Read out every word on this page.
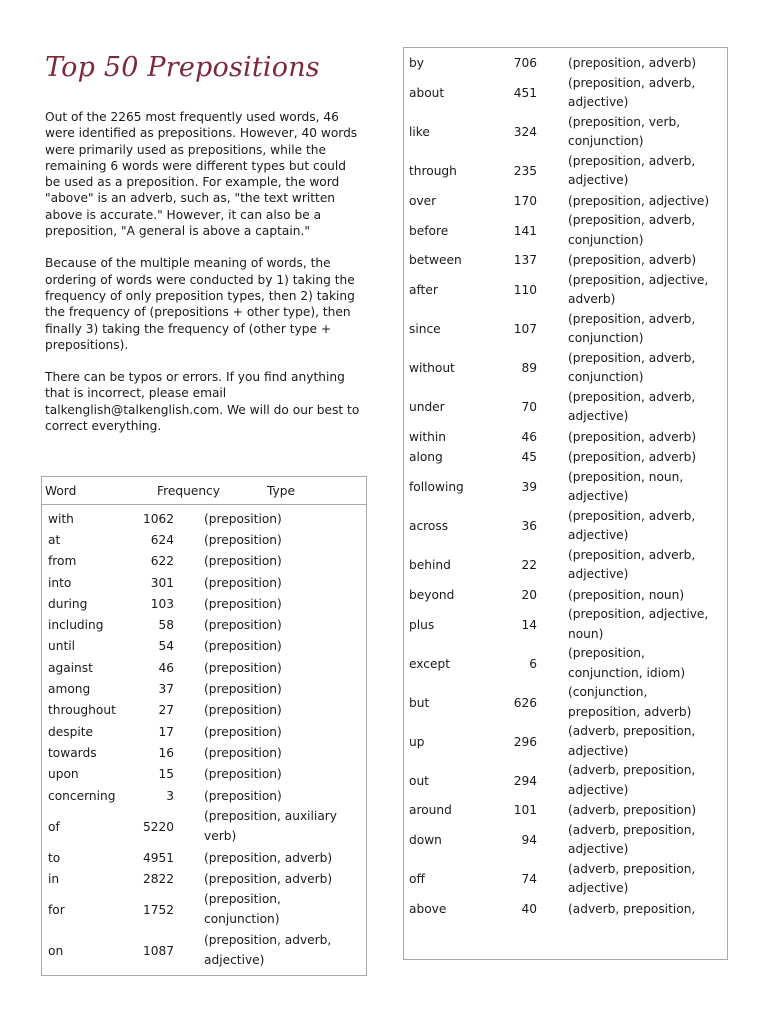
Top 50 Prepositions

Out of the 2265 most frequently used words, 46 were identified as prepositions. However, 40 words were primarily used as prepositions, while the remaining 6 words were different types but could be used as a preposition. For example, the word "above" is an adverb, such as, "the text written above is accurate." However, it can also be a preposition, "A general is above a captain."

Because of the multiple meaning of words, the ordering of words were conducted by 1) taking the frequency of only preposition types, then 2) taking the frequency of (prepositions + other type), then finally 3) taking the frequency of (other type + prepositions).

There can be typos or errors. If you find anything that is incorrect, please email talkenglish@talkenglish.com. We will do our best to correct everything.

Word	Frequency	Type
with	1062	(preposition)
at	624	(preposition)
from	622	(preposition)
into	301	(preposition)
during	103	(preposition)
including	58	(preposition)
until	54	(preposition)
against	46	(preposition)
among	37	(preposition)
throughout	27	(preposition)
despite	17	(preposition)
towards	16	(preposition)
upon	15	(preposition)
concerning	3	(preposition)
of	5220
(preposition, auxiliary verb)
to	4951	(preposition, adverb)
in	2822	(preposition, adverb)
for	1752
(preposition, conjunction)
on	1087
(preposition, adverb, adjective)
by	706	(preposition, adverb)
about	451
(preposition, adverb, adjective)
like	324
(preposition, verb, conjunction)
through	235
(preposition, adverb, adjective)
over	170	(preposition, adjective)
before	141
(preposition, adverb, conjunction)
between	137	(preposition, adverb)
after	110
(preposition, adjective, adverb)
since	107
(preposition, adverb, conjunction)
without	89
(preposition, adverb, conjunction)
under	70
(preposition, adverb, adjective)
within	46	(preposition, adverb)
along	45	(preposition, adverb)
following	39
(preposition, noun, adjective)
across	36
(preposition, adverb, adjective)
behind	22
(preposition, adverb, adjective)
beyond	20	(preposition, noun)
plus	14
(preposition, adjective, noun)
except	6
(preposition, conjunction, idiom)
but	626
(conjunction, preposition, adverb)
up	296
(adverb, preposition, adjective)
out	294
(adverb, preposition, adjective)
around	101	(adverb, preposition)
down	94
(adverb, preposition, adjective)
off	74
(adverb, preposition, adjective)
above	40	(adverb, preposition,
